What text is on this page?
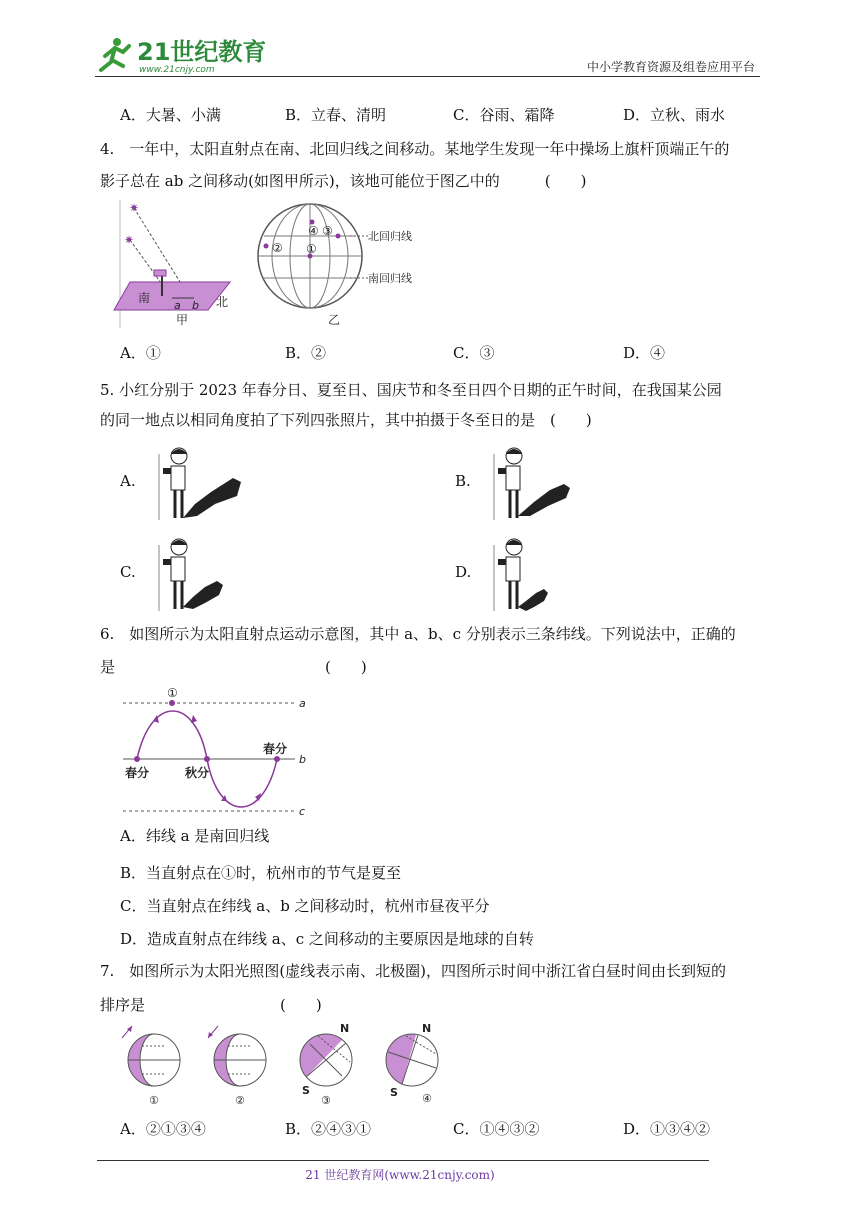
21世纪教育
www.21cnjy.com	中小学教育资源及组卷应用平台
A．大暑、小满	B．立春、清明	C．谷雨、霜降	D．立秋、雨水
4.　一年中，太阳直射点在南、北回归线之间移动。某地学生发现一年中操场上旗杆顶端正午的
影子总在 ab 之间移动(如图甲所示)，该地可能位于图乙中的　　　(　　)
✷
✷
南	北
a b
甲
北回归线
南回归线
② ①
④ ③
乙
A．①	B．②	C．③	D．④
5. 小红分别于 2023 年春分日、夏至日、国庆节和冬至日四个日期的正午时间，在我国某公园
的同一地点以相同角度拍了下列四张照片，其中拍摄于冬至日的是　(　　)
A.	B.
C.	D.
6.　如图所示为太阳直射点运动示意图，其中 a、b、c 分别表示三条纬线。下列说法中，正确的
是　　　　　　　　　　　　　　(　　)
①
a
b
c
春分	秋分
春分
A．纬线 a 是南回归线
B．当直射点在①时，杭州市的节气是夏至
C．当直射点在纬线 a、b 之间移动时，杭州市昼夜平分
D．造成直射点在纬线 a、c 之间移动的主要原因是地球的自转
7.　如图所示为太阳光照图(虚线表示南、北极圈)，四图所示时间中浙江省白昼时间由长到短的
排序是　　　　　　　　　(　　)
①	②
N
S
③
N
S ④
A．②①③④	B．②④③①	C．①④③②	D．①③④②
21 世纪教育网(www.21cnjy.com)
